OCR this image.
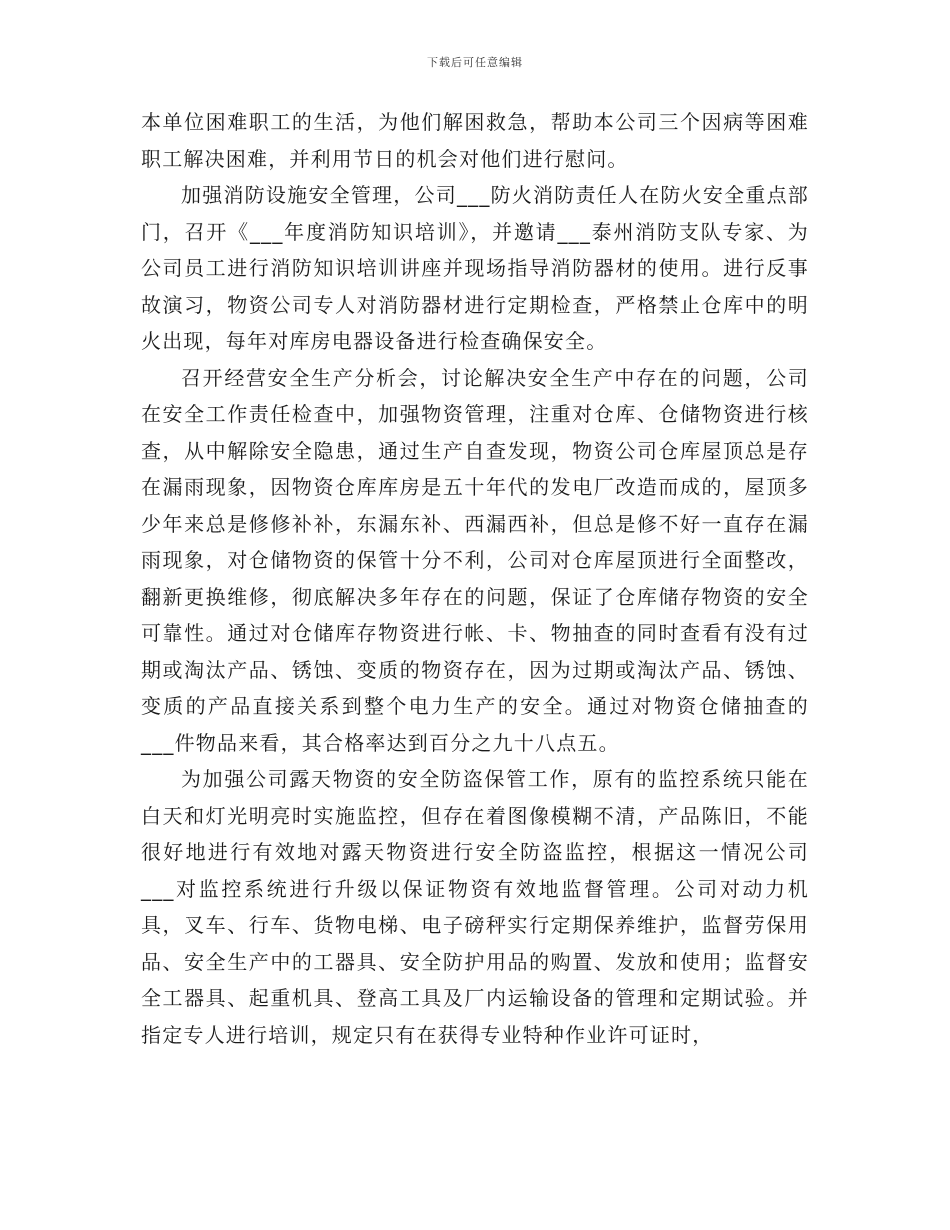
下载后可任意编辑

本单位困难职工的生活，为他们解困救急，帮助本公司三个因病等困难职工解决困难，并利用节日的机会对他们进行慰问。

加强消防设施安全管理，公司___防火消防责任人在防火安全重点部门，召开《___年度消防知识培训》，并邀请___泰州消防支队专家、为公司员工进行消防知识培训讲座并现场指导消防器材的使用。进行反事故演习，物资公司专人对消防器材进行定期检查，严格禁止仓库中的明火出现，每年对库房电器设备进行检查确保安全。

召开经营安全生产分析会，讨论解决安全生产中存在的问题，公司在安全工作责任检查中，加强物资管理，注重对仓库、仓储物资进行核查，从中解除安全隐患，通过生产自查发现，物资公司仓库屋顶总是存在漏雨现象，因物资仓库库房是五十年代的发电厂改造而成的，屋顶多少年来总是修修补补，东漏东补、西漏西补，但总是修不好一直存在漏雨现象，对仓储物资的保管十分不利，公司对仓库屋顶进行全面整改，翻新更换维修，彻底解决多年存在的问题，保证了仓库储存物资的安全可靠性。通过对仓储库存物资进行帐、卡、物抽查的同时查看有没有过期或淘汰产品、锈蚀、变质的物资存在，因为过期或淘汰产品、锈蚀、变质的产品直接关系到整个电力生产的安全。通过对物资仓储抽查的___件物品来看，其合格率达到百分之九十八点五。

为加强公司露天物资的安全防盗保管工作，原有的监控系统只能在白天和灯光明亮时实施监控，但存在着图像模糊不清，产品陈旧，不能很好地进行有效地对露天物资进行安全防盗监控，根据这一情况公司___对监控系统进行升级以保证物资有效地监督管理。公司对动力机具，叉车、行车、货物电梯、电子磅秤实行定期保养维护，监督劳保用品、安全生产中的工器具、安全防护用品的购置、发放和使用；监督安全工器具、起重机具、登高工具及厂内运输设备的管理和定期试验。并指定专人进行培训，规定只有在获得专业特种作业许可证时，
